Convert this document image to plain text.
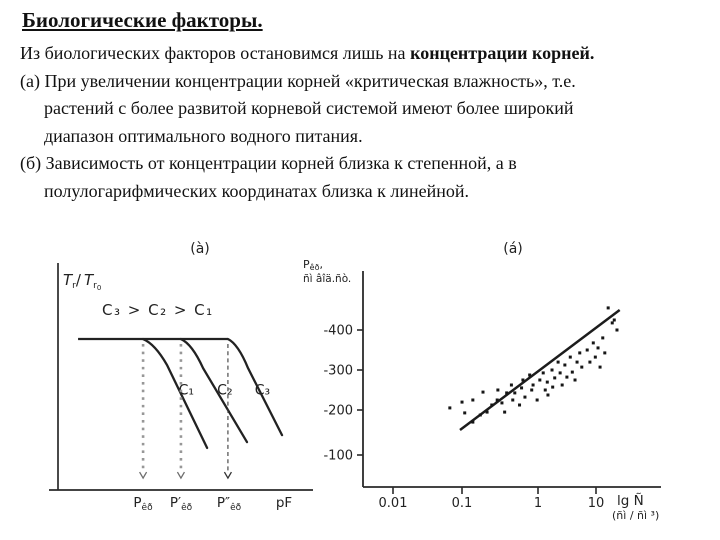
Биологические факторы.

Из биологических факторов остановимся лишь на концентрации корней.

(а) При увеличении концентрации корней «критическая влажность», т.е. растений с более развитой корневой системой имеют более широкий диапазон оптимального водного питания.

(б) Зависимость от концентрации корней близка к степенной, а в полулогарифмических координатах близка к линейной.

(à)
$T_r/$ $T_r0$
C₃ > C₂ > C₁
C₁ C₂ C₃
$P_{êð}$ $P'_{êð}$ $P''_{êð}$	pF
(á)
Pêð,
ñì âîä.ñò.
lg Ñ
(ñì / ñì ³)
-400
-300
-200
-100
0.01	0.1	1	10
